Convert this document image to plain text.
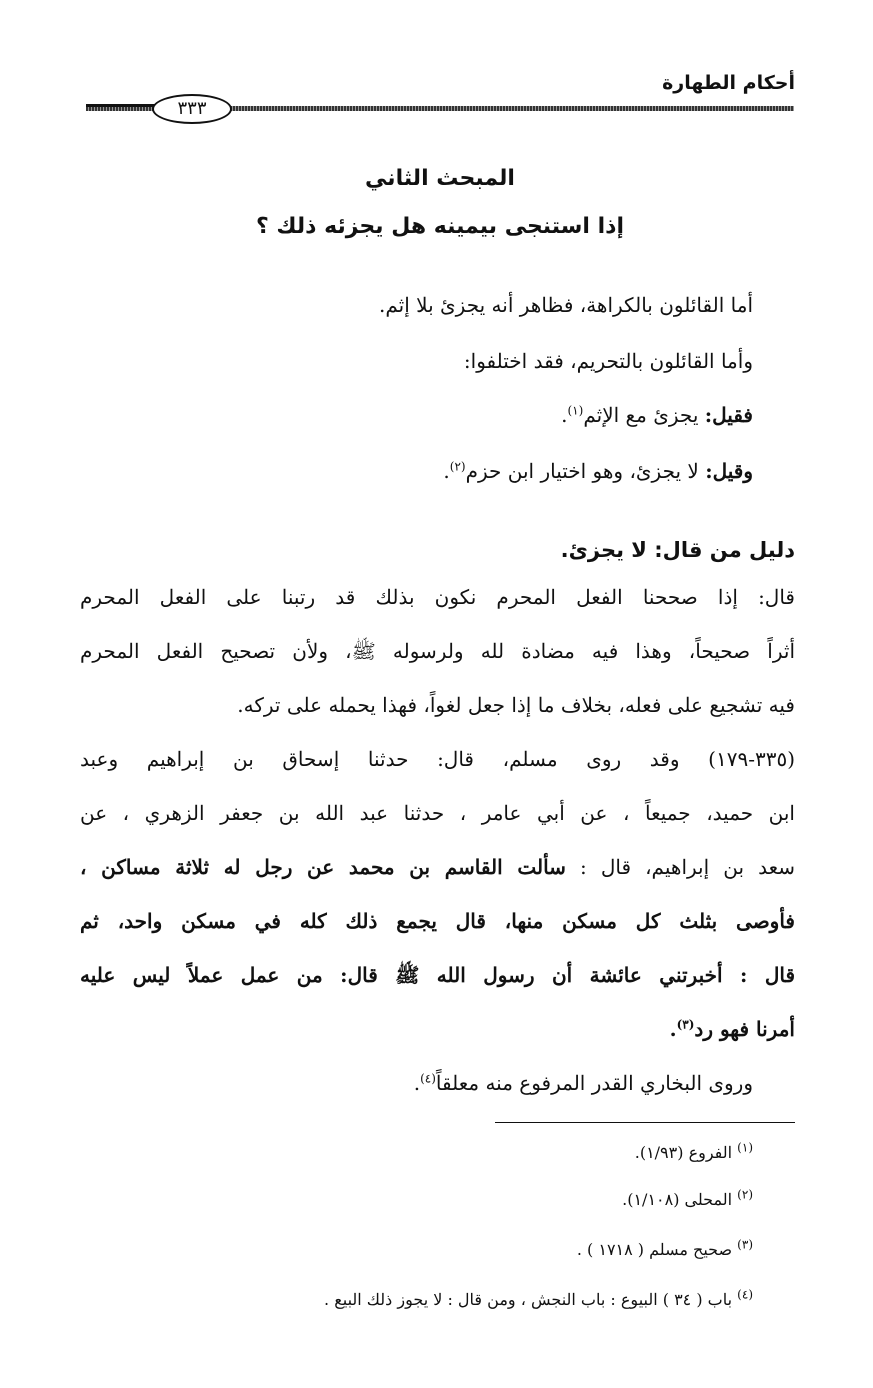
أحكام الطهارة
٣٣٣
المبحث الثاني
إذا استنجى بيمينه هل يجزئه ذلك ؟
أما القائلون بالكراهة، فظاهر أنه يجزئ بلا إثم.
وأما القائلون بالتحريم، فقد اختلفوا:
فقيل: يجزئ مع الإثم$^{(١)}$.
وقيل: لا يجزئ، وهو اختيار ابن حزم$^{(٢)}$.
دليل من قال: لا يجزئ.
قال: إذا صححنا الفعل المحرم نكون بذلك قد رتبنا على الفعل المحرم
أثراً صحيحاً، وهذا فيه مضادة لله ولرسوله ﷺ، ولأن تصحيح الفعل المحرم
فيه تشجيع على فعله، بخلاف ما إذا جعل لغواً، فهذا يحمله على تركه.
(٣٣٥-١٧٩) وقد روى مسلم، قال: حدثنا إسحاق بن إبراهيم وعبد
ابن حميد، جميعاً ، عن أبي عامر ، حدثنا عبد الله بن جعفر الزهري ، عن
سعد بن إبراهيم، قال : سألت القاسم بن محمد عن رجل له ثلاثة مساكن ،
فأوصى بثلث كل مسكن منها، قال يجمع ذلك كله في مسكن واحد، ثم
قال : أخبرتني عائشة أن رسول الله ﷺ قال: من عمل عملاً ليس عليه
أمرنا فهو رد$^{(٣)}$.
وروى البخاري القدر المرفوع منه معلقاً$^{(٤)}$.
$^{(١)}$ الفروع (١/٩٣).
$^{(٢)}$ المحلى (١/١٠٨).
$^{(٣)}$ صحيح مسلم ( ١٧١٨ ) .
$^{(٤)}$ باب ( ٣٤ ) البيوع : باب النجش ، ومن قال : لا يجوز ذلك البيع .
